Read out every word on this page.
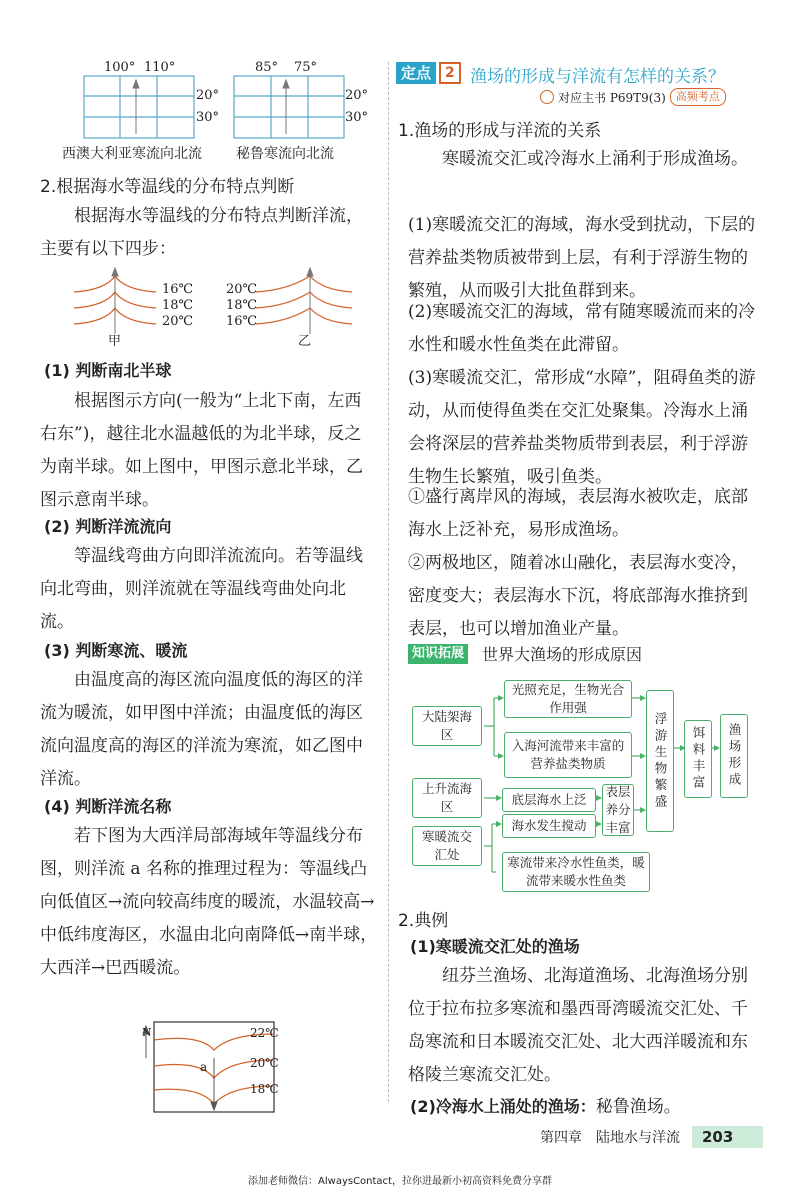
100° 110°
20°
30°
85° 75°
20°
30°
西澳大利亚寒流向北流 秘鲁寒流向北流
2.根据海水等温线的分布特点判断
根据海水等温线的分布特点判断洋流，主要有以下四步：
16℃
18℃
20℃
20℃
18℃
16℃
甲	乙
(1) 判断南北半球
根据图示方向(一般为“上北下南，左西右东”)，越往北水温越低的为北半球，反之为南半球。如上图中，甲图示意北半球，乙图示意南半球。
(2) 判断洋流流向
等温线弯曲方向即洋流流向。若等温线向北弯曲，则洋流就在等温线弯曲处向北流。
(3) 判断寒流、暖流
由温度高的海区流向温度低的海区的洋流为暖流，如甲图中洋流；由温度低的海区流向温度高的海区的洋流为寒流，如乙图中洋流。
(4) 判断洋流名称
若下图为大西洋局部海域年等温线分布图，则洋流 a 名称的推理过程为：等温线凸向低值区→流向较高纬度的暖流，水温较高→中低纬度海区，水温由北向南降低→南半球，大西洋→巴西暖流。
N	22℃
20℃
18℃
a
定点	2 渔场的形成与洋流有怎样的关系？
对应主书 P69T9(3) 高频考点
1.渔场的形成与洋流的关系
寒暖流交汇或冷海水上涌利于形成渔场。
(1)寒暖流交汇的海域，海水受到扰动，下层的营养盐类物质被带到上层，有利于浮游生物的繁殖，从而吸引大批鱼群到来。
(2)寒暖流交汇的海域，常有随寒暖流而来的冷水性和暖水性鱼类在此滞留。
(3)寒暖流交汇，常形成“水障”，阻碍鱼类的游动，从而使得鱼类在交汇处聚集。冷海水上涌会将深层的营养盐类物质带到表层，利于浮游生物生长繁殖，吸引鱼类。
①盛行离岸风的海域，表层海水被吹走，底部海水上泛补充，易形成渔场。
②两极地区，随着冰山融化，表层海水变冷，密度变大；表层海水下沉，将底部海水推挤到表层，也可以增加渔业产量。
知识拓展 世界大渔场的形成原因
大陆架海区
光照充足，生物光合作用强
入海河流带来丰富的营养盐类物质	浮游生物繁盛	饵料丰富	渔场形成
上升流海区	底层海水上泛
表层养分丰富
寒暖流交汇处
海水发生搅动
寒流带来冷水性鱼类，暖流带来暖水性鱼类
2.典例
(1)寒暖流交汇处的渔场
纽芬兰渔场、北海道渔场、北海渔场分别位于拉布拉多寒流和墨西哥湾暖流交汇处、千岛寒流和日本暖流交汇处、北大西洋暖流和东格陵兰寒流交汇处。
(2)冷海水上涌处的渔场：秘鲁渔场。
第四章　陆地水与洋流	203
添加老师微信：AlwaysContact，拉你进最新小初高资料免费分享群
